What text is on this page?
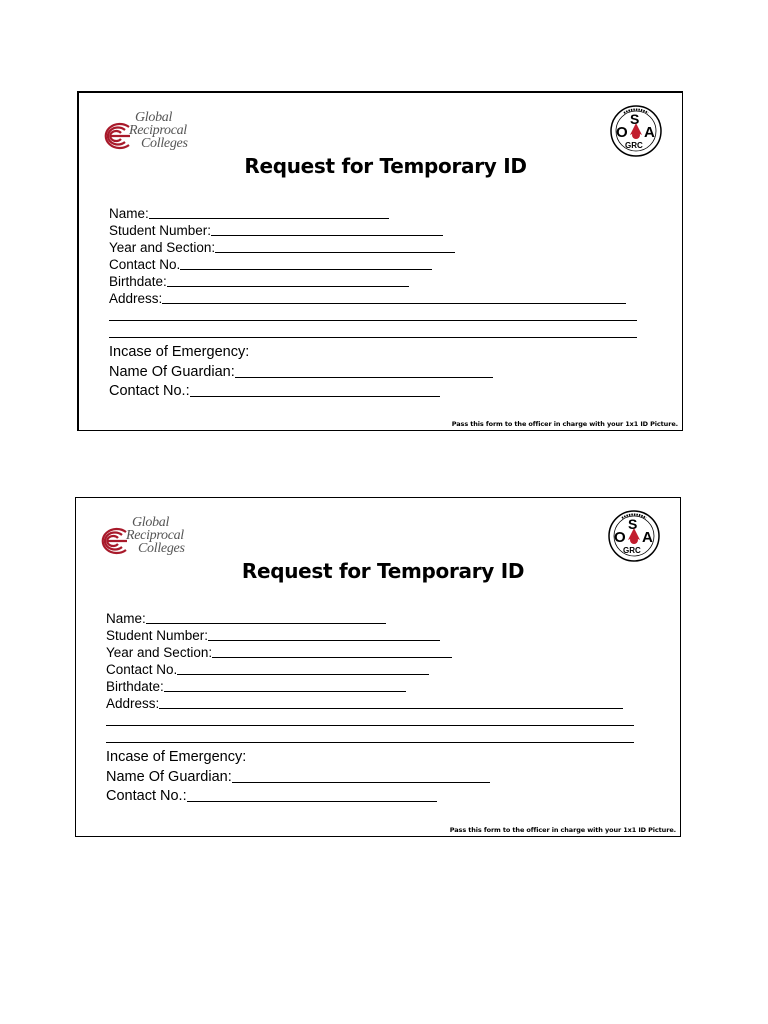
Global
Reciprocal
Colleges
S
O A
GRC
Request for Temporary ID
Name:
Student Number:
Year and Section:
Contact No.
Birthdate:
Address:
Incase of Emergency:
Name Of Guardian:
Contact No.:
Pass this form to the officer in charge with your 1x1 ID Picture.
Global
Reciprocal
Colleges
S
O A
GRC
Request for Temporary ID
Name:
Student Number:
Year and Section:
Contact No.
Birthdate:
Address:
Incase of Emergency:
Name Of Guardian:
Contact No.:
Pass this form to the officer in charge with your 1x1 ID Picture.
